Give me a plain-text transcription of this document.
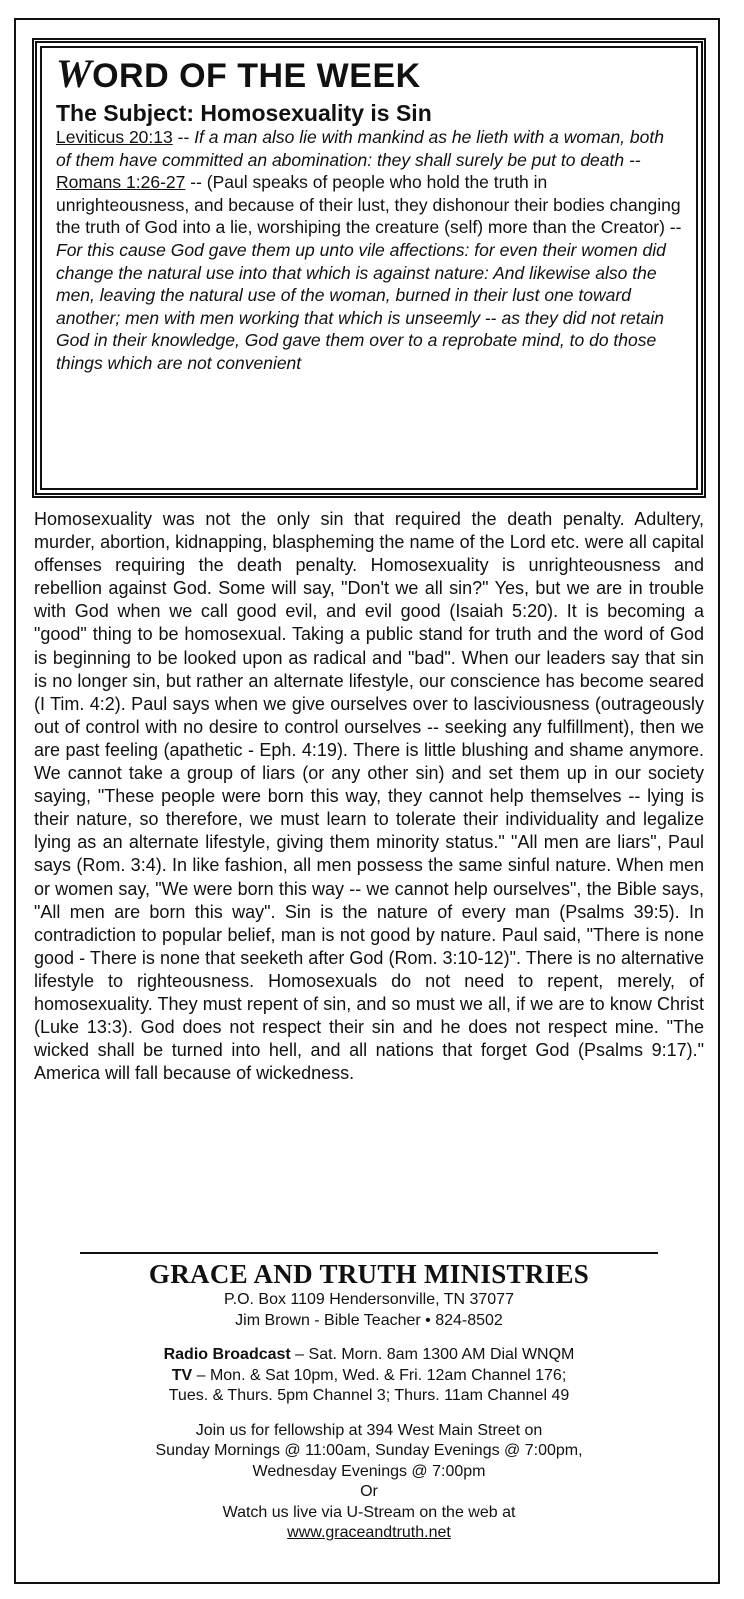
WORD OF THE WEEK

The Subject: Homosexuality is Sin

Leviticus 20:13 -- If a man also lie with mankind as he lieth with a woman, both of them have committed an abomination: they shall surely be put to death --

Romans 1:26-27 -- (Paul speaks of people who hold the truth in unrighteousness, and because of their lust, they dishonour their bodies changing the truth of God into a lie, worshiping the creature (self) more than the Creator) -- For this cause God gave them up unto vile affections: for even their women did change the natural use into that which is against nature: And likewise also the men, leaving the natural use of the woman, burned in their lust one toward another; men with men working that which is unseemly -- as they did not retain God in their knowledge, God gave them over to a reprobate mind, to do those things which are not convenient

Homosexuality was not the only sin that required the death penalty. Adultery, murder, abortion, kidnapping, blaspheming the name of the Lord etc. were all capital offenses requiring the death penalty. Homosexuality is unrighteousness and rebellion against God. Some will say, "Don't we all sin?" Yes, but we are in trouble with God when we call good evil, and evil good (Isaiah 5:20). It is becoming a "good" thing to be homosexual. Taking a public stand for truth and the word of God is beginning to be looked upon as radical and "bad". When our leaders say that sin is no longer sin, but rather an alternate lifestyle, our conscience has become seared (I Tim. 4:2). Paul says when we give ourselves over to lasciviousness (outrageously out of control with no desire to control ourselves -- seeking any fulfillment), then we are past feeling (apathetic - Eph. 4:19). There is little blushing and shame anymore. We cannot take a group of liars (or any other sin) and set them up in our society saying, "These people were born this way, they cannot help themselves -- lying is their nature, so therefore, we must learn to tolerate their individuality and legalize lying as an alternate lifestyle, giving them minority status." "All men are liars", Paul says (Rom. 3:4). In like fashion, all men possess the same sinful nature. When men or women say, "We were born this way -- we cannot help ourselves", the Bible says, "All men are born this way". Sin is the nature of every man (Psalms 39:5). In contradiction to popular belief, man is not good by nature. Paul said, "There is none good - There is none that seeketh after God (Rom. 3:10-12)". There is no alternative lifestyle to righteousness. Homosexuals do not need to repent, merely, of homosexuality. They must repent of sin, and so must we all, if we are to know Christ (Luke 13:3). God does not respect their sin and he does not respect mine. "The wicked shall be turned into hell, and all nations that forget God (Psalms 9:17)." America will fall because of wickedness.

GRACE AND TRUTH MINISTRIES

P.O. Box 1109 Hendersonville, TN 37077

Jim Brown - Bible Teacher • 824-8502

Radio Broadcast – Sat. Morn. 8am 1300 AM Dial WNQM

TV – Mon. & Sat 10pm, Wed. & Fri. 12am Channel 176;

Tues. & Thurs. 5pm Channel 3; Thurs. 11am Channel 49

Join us for fellowship at 394 West Main Street on

Sunday Mornings @ 11:00am, Sunday Evenings @ 7:00pm,

Wednesday Evenings @ 7:00pm

Or

Watch us live via U-Stream on the web at

www.graceandtruth.net
